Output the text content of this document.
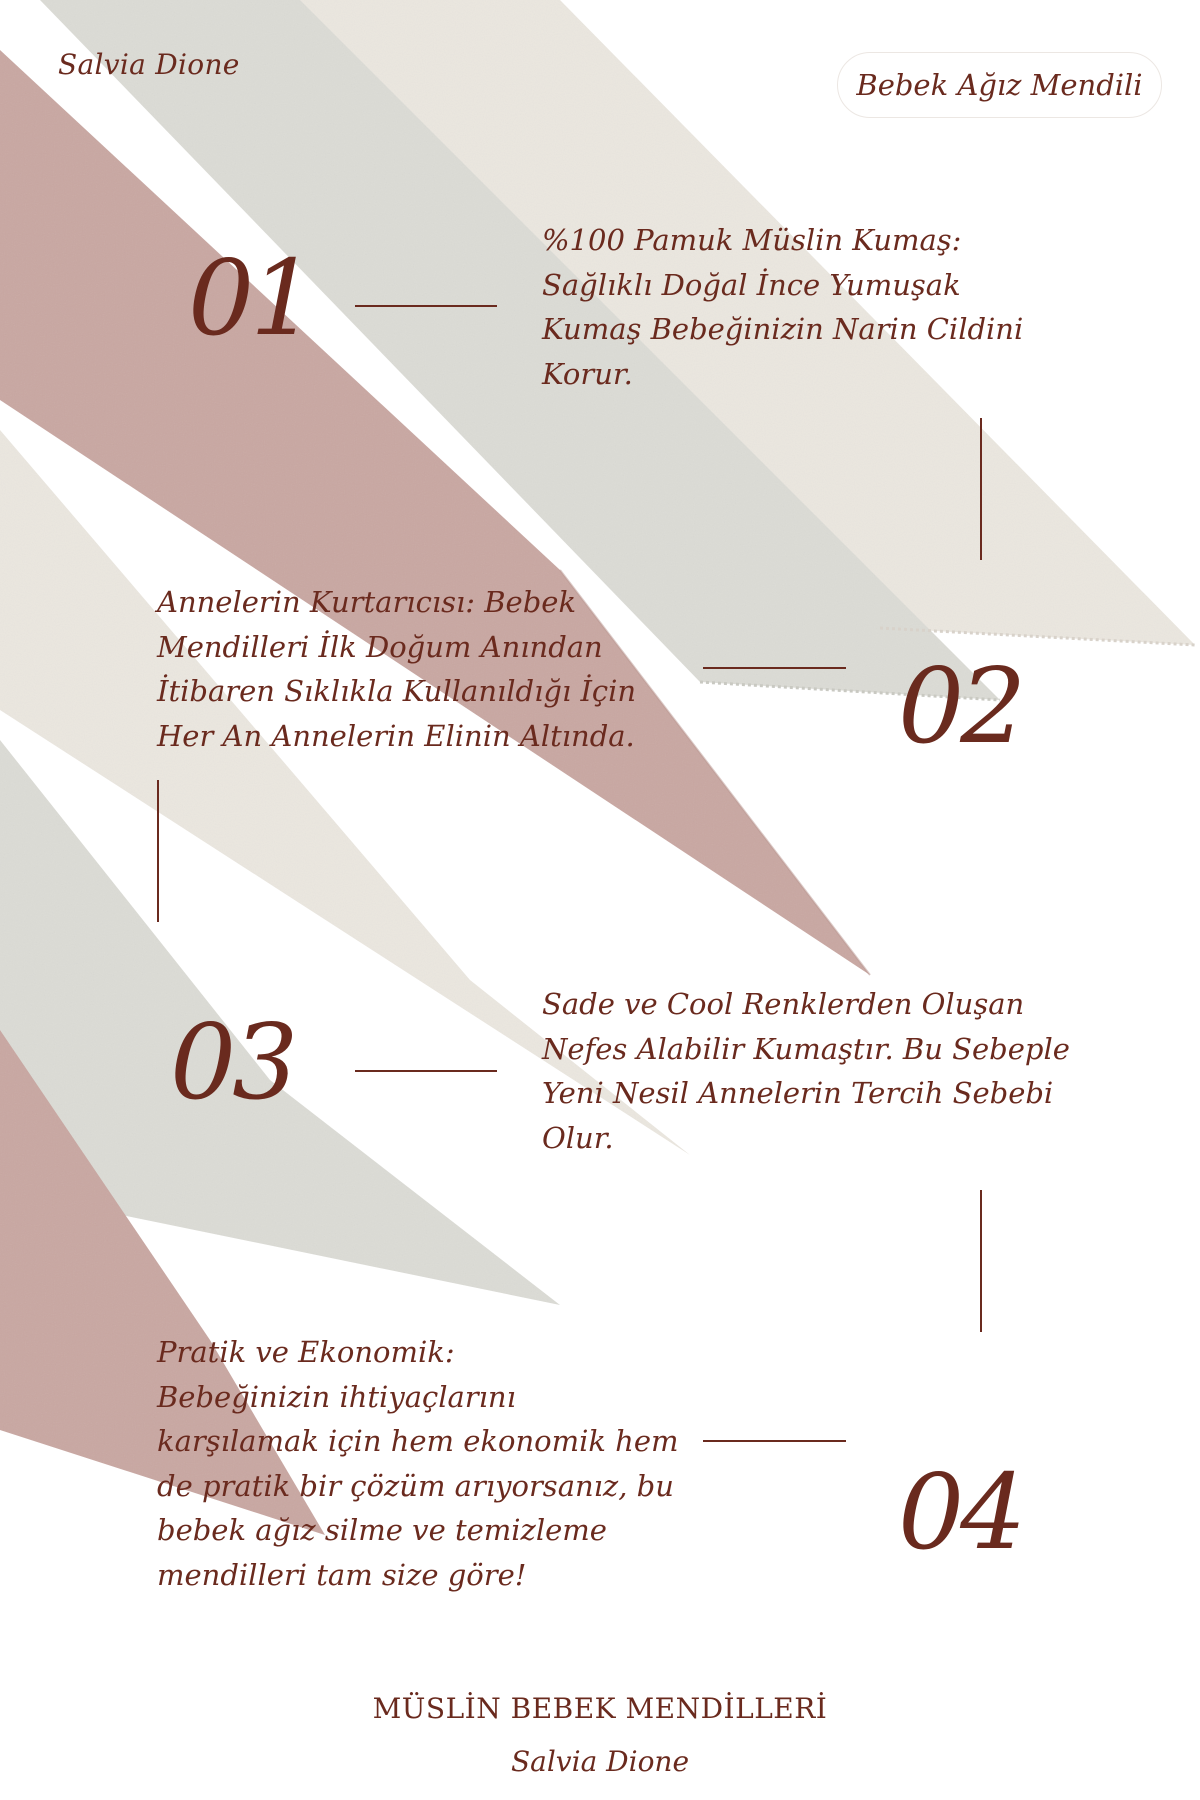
Salvia Dione
Bebek Ağız Mendili
01	%100 Pamuk Müslin Kumaş:
Sağlıklı Doğal İnce Yumuşak
Kumaş Bebeğinizin Narin Cildini
Korur.
Annelerin Kurtarıcısı: Bebek
Mendilleri İlk Doğum Anından
İtibaren Sıklıkla Kullanıldığı İçin
Her An Annelerin Elinin Altında.	02
03	Sade ve Cool Renklerden Oluşan
Nefes Alabilir Kumaştır. Bu Sebeple
Yeni Nesil Annelerin Tercih Sebebi
Olur.
Pratik ve Ekonomik:
Bebeğinizin ihtiyaçlarını
karşılamak için hem ekonomik hem
de pratik bir çözüm arıyorsanız, bu
bebek ağız silme ve temizleme
mendilleri tam size göre!
04
MÜSLİN BEBEK MENDİLLERİ
Salvia Dione
